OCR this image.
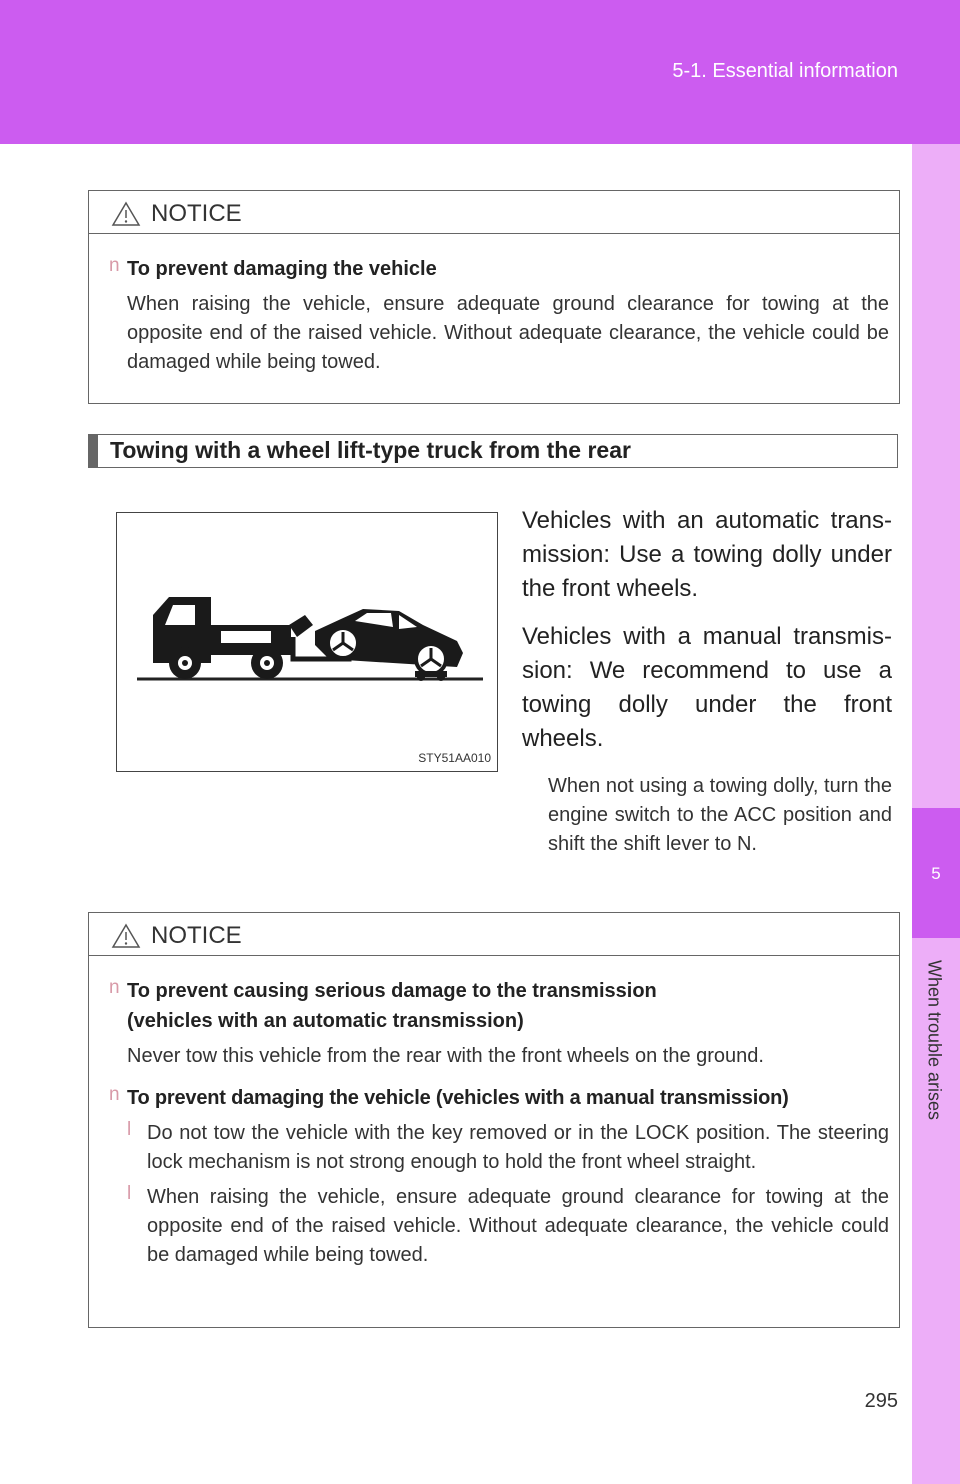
5-1. Essential information
5
When trouble arises
NOTICE
n To prevent damaging the vehicle
When raising the vehicle, ensure adequate ground clearance for towing at the opposite end of the raised vehicle. Without adequate clearance, the vehicle could be damaged while being towed.
Towing with a wheel lift-type truck from the rear
STY51AA010
Vehicles with an automatic trans-mission: Use a towing dolly under the front wheels.
Vehicles with a manual transmis-sion: We recommend to use a towing dolly under the front wheels.
When not using a towing dolly, turn the engine switch to the ACC position and shift the shift lever to N.
NOTICE
n To prevent causing serious damage to the transmission
(vehicles with an automatic transmission)
Never tow this vehicle from the rear with the front wheels on the ground.
n To prevent damaging the vehicle (vehicles with a manual transmission)
l Do not tow the vehicle with the key removed or in the LOCK position. The steering lock mechanism is not strong enough to hold the front wheel straight.
l When raising the vehicle, ensure adequate ground clearance for towing at the opposite end of the raised vehicle. Without adequate clearance, the vehicle could be damaged while being towed.
295
